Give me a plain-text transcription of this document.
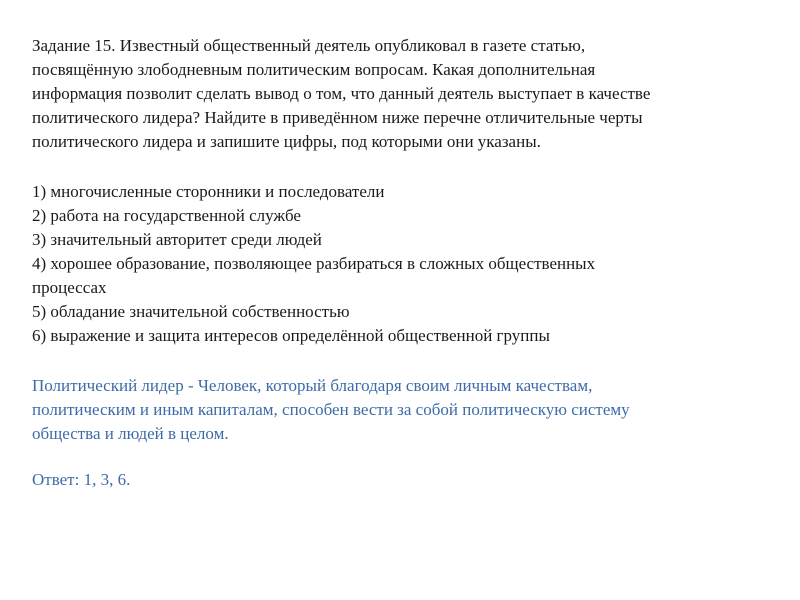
Задание 15. Известный общественный деятель опубликовал в газете статью,
посвящённую злободневным политическим вопросам. Какая дополнительная
информация позволит сделать вывод о том, что данный деятель выступает в качестве
политического лидера? Найдите в приведённом ниже перечне отличительные черты
политического лидера и запишите цифры, под которыми они указаны.
1) многочисленные сторонники и последователи
2) работа на государственной службе
3) значительный авторитет среди людей
4) хорошее образование, позволяющее разбираться в сложных общественных
процессах
5) обладание значительной собственностью
6) выражение и защита интересов определённой общественной группы
Политический лидер - Человек, который благодаря своим личным качествам,
политическим и иным капиталам, способен вести за собой политическую систему
общества и людей в целом.
Ответ: 1, 3, 6.
